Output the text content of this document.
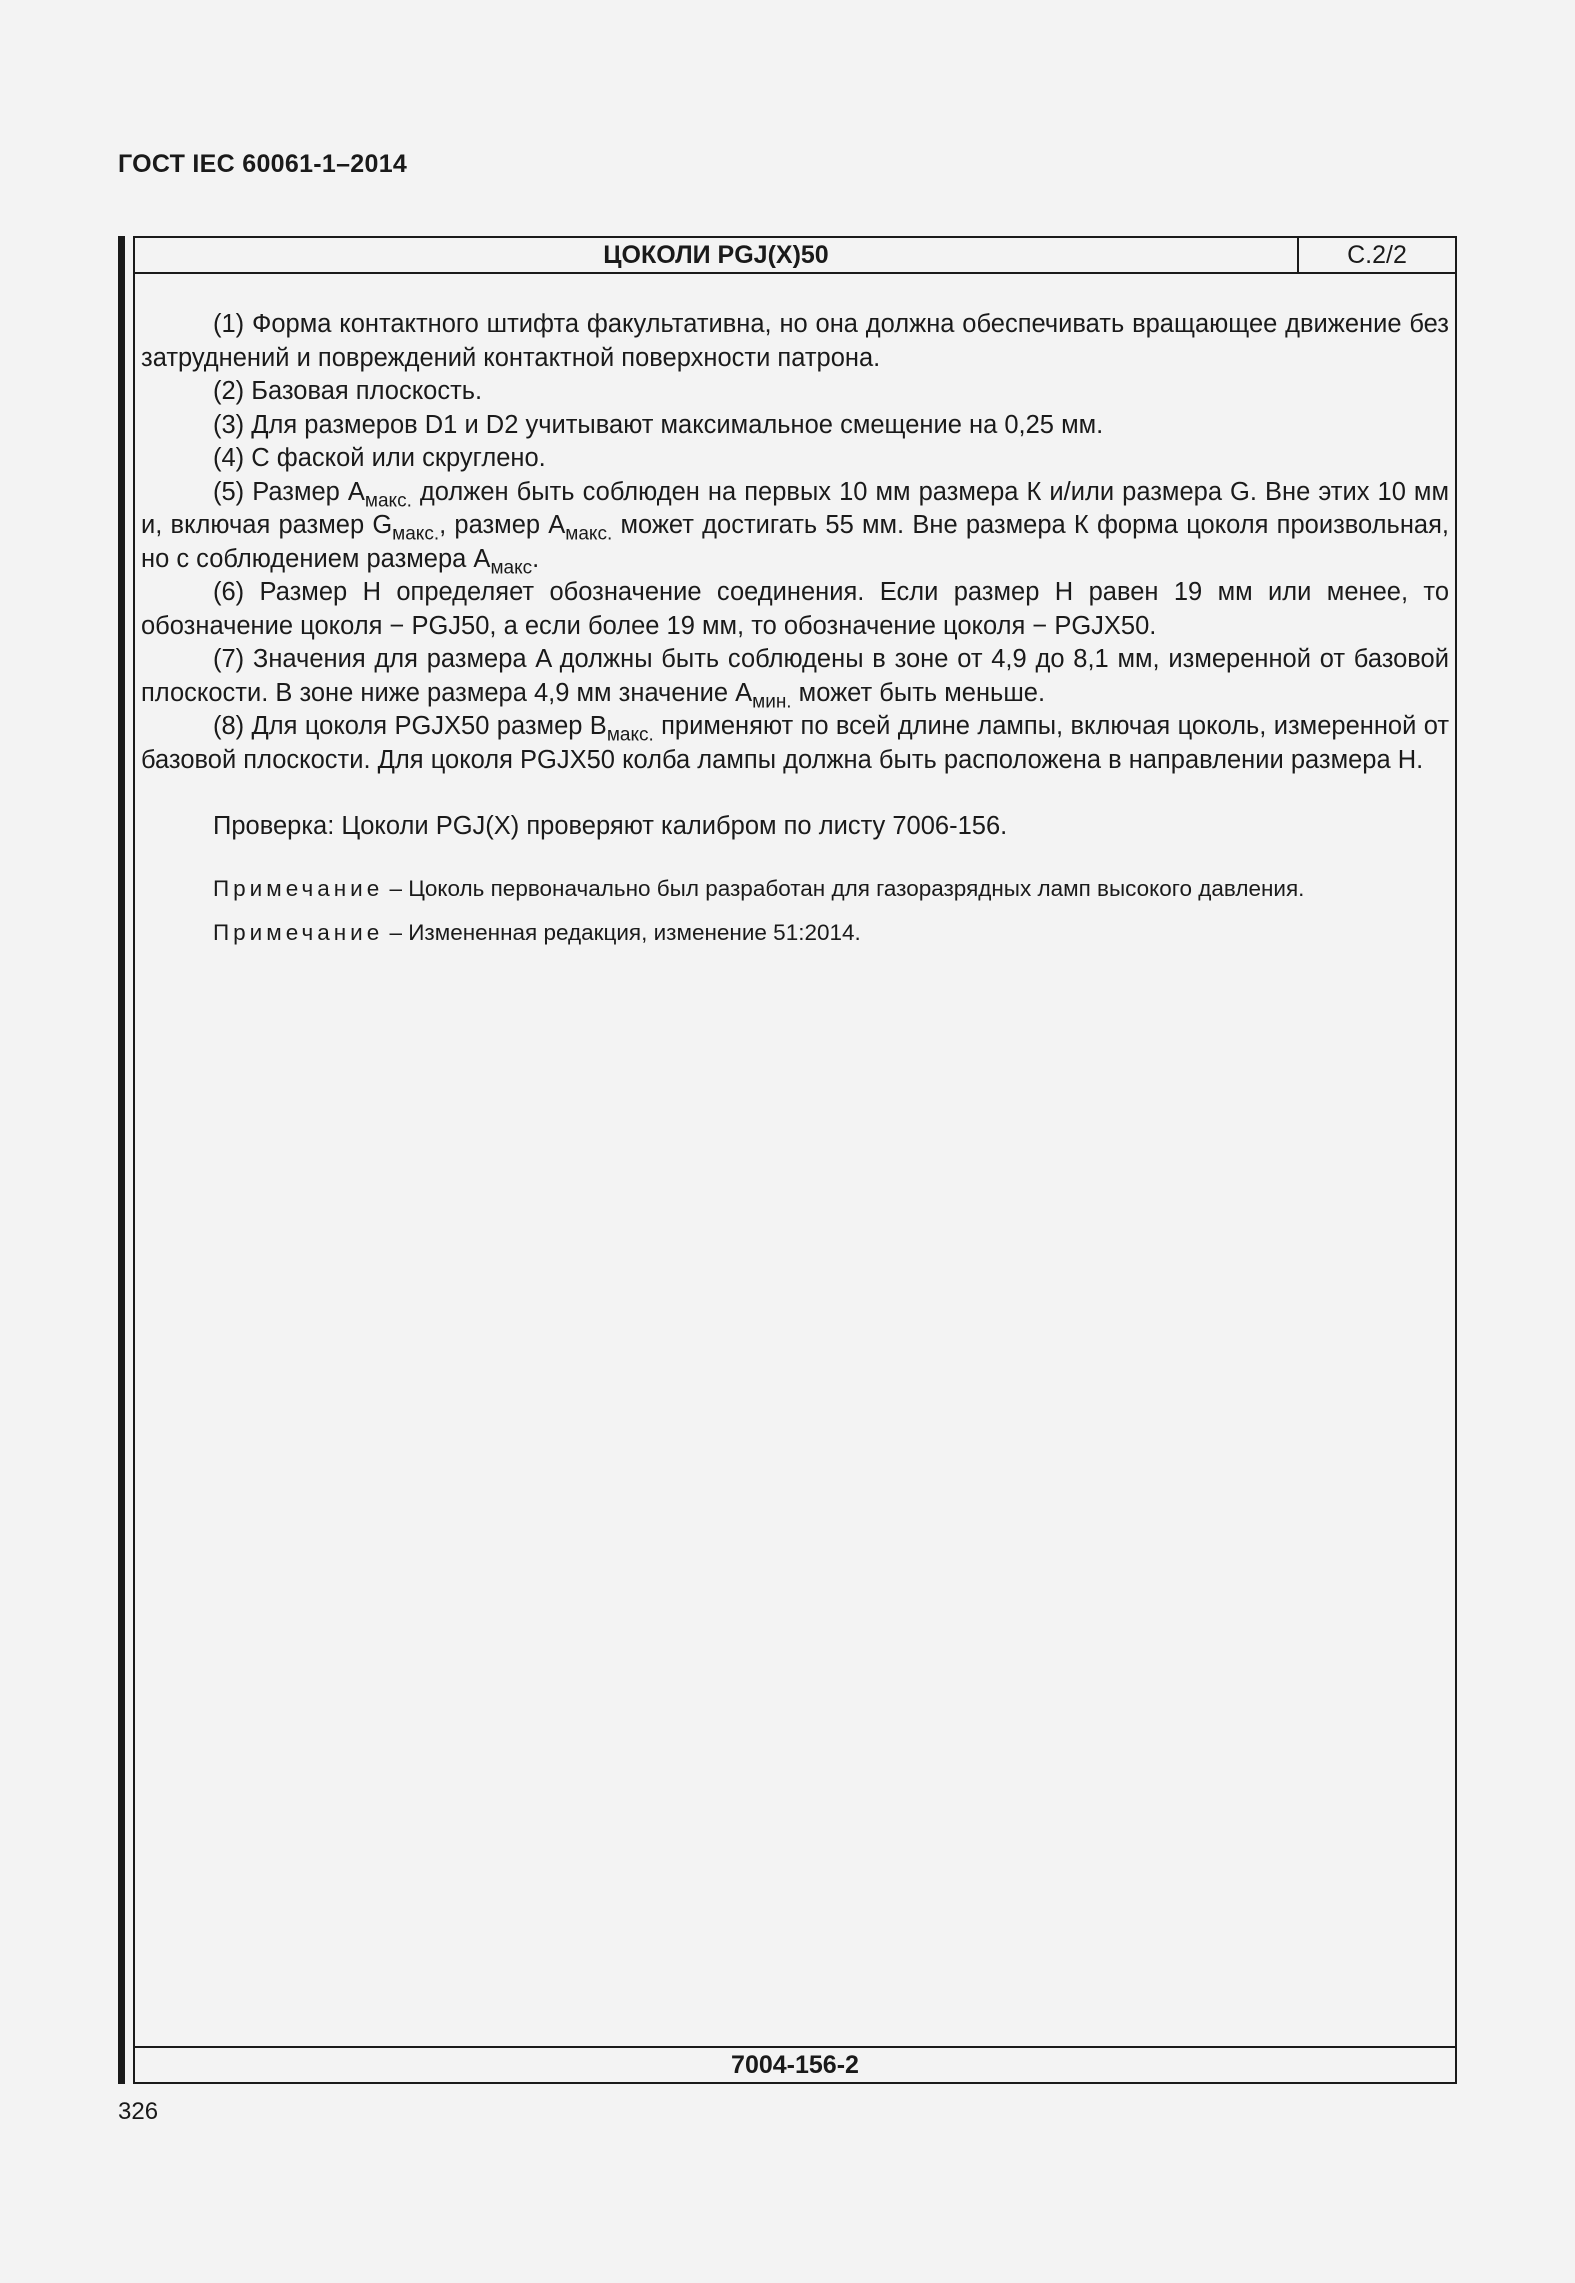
ГОСТ IEC 60061-1–2014
ЦОКОЛИ PGJ(X)50	С.2/2

(1) Форма контактного штифта факультативна, но она должна обеспечивать вращающее движение без затруднений и повреждений контактной поверхности патрона.

(2) Базовая плоскость.

(3) Для размеров D1 и D2 учитывают максимальное смещение на 0,25 мм.

(4) С фаской или скруглено.

(5) Размер $A_{макс.}$ должен быть соблюден на первых 10 мм размера К и/или размера G. Вне этих 10 мм и, включая размер $G_{макс.}$, размер $A_{макс.}$ может достигать 55 мм. Вне размера К форма цоколя произвольная, но с соблюдением размера $A_{макс}$.

(6) Размер H определяет обозначение соединения. Если размер H равен 19 мм или менее, то обозначение цоколя − PGJ50, а если более 19 мм, то обозначение цоколя − PGJX50.

(7) Значения для размера A должны быть соблюдены в зоне от 4,9 до 8,1 мм, измеренной от базовой плоскости. В зоне ниже размера 4,9 мм значение $A_{мин.}$ может быть меньше.

(8) Для цоколя PGJX50 размер $B_{макс.}$ применяют по всей длине лампы, включая цоколь, измеренной от базовой плоскости. Для цоколя PGJX50 колба лампы должна быть расположена в направлении размера H.

Проверка: Цоколи PGJ(X) проверяют калибром по листу 7006-156.

Примечание – Цоколь первоначально был разработан для газоразрядных ламп высокого давления.

Примечание – Измененная редакция, изменение 51:2014.

7004-156-2
326
